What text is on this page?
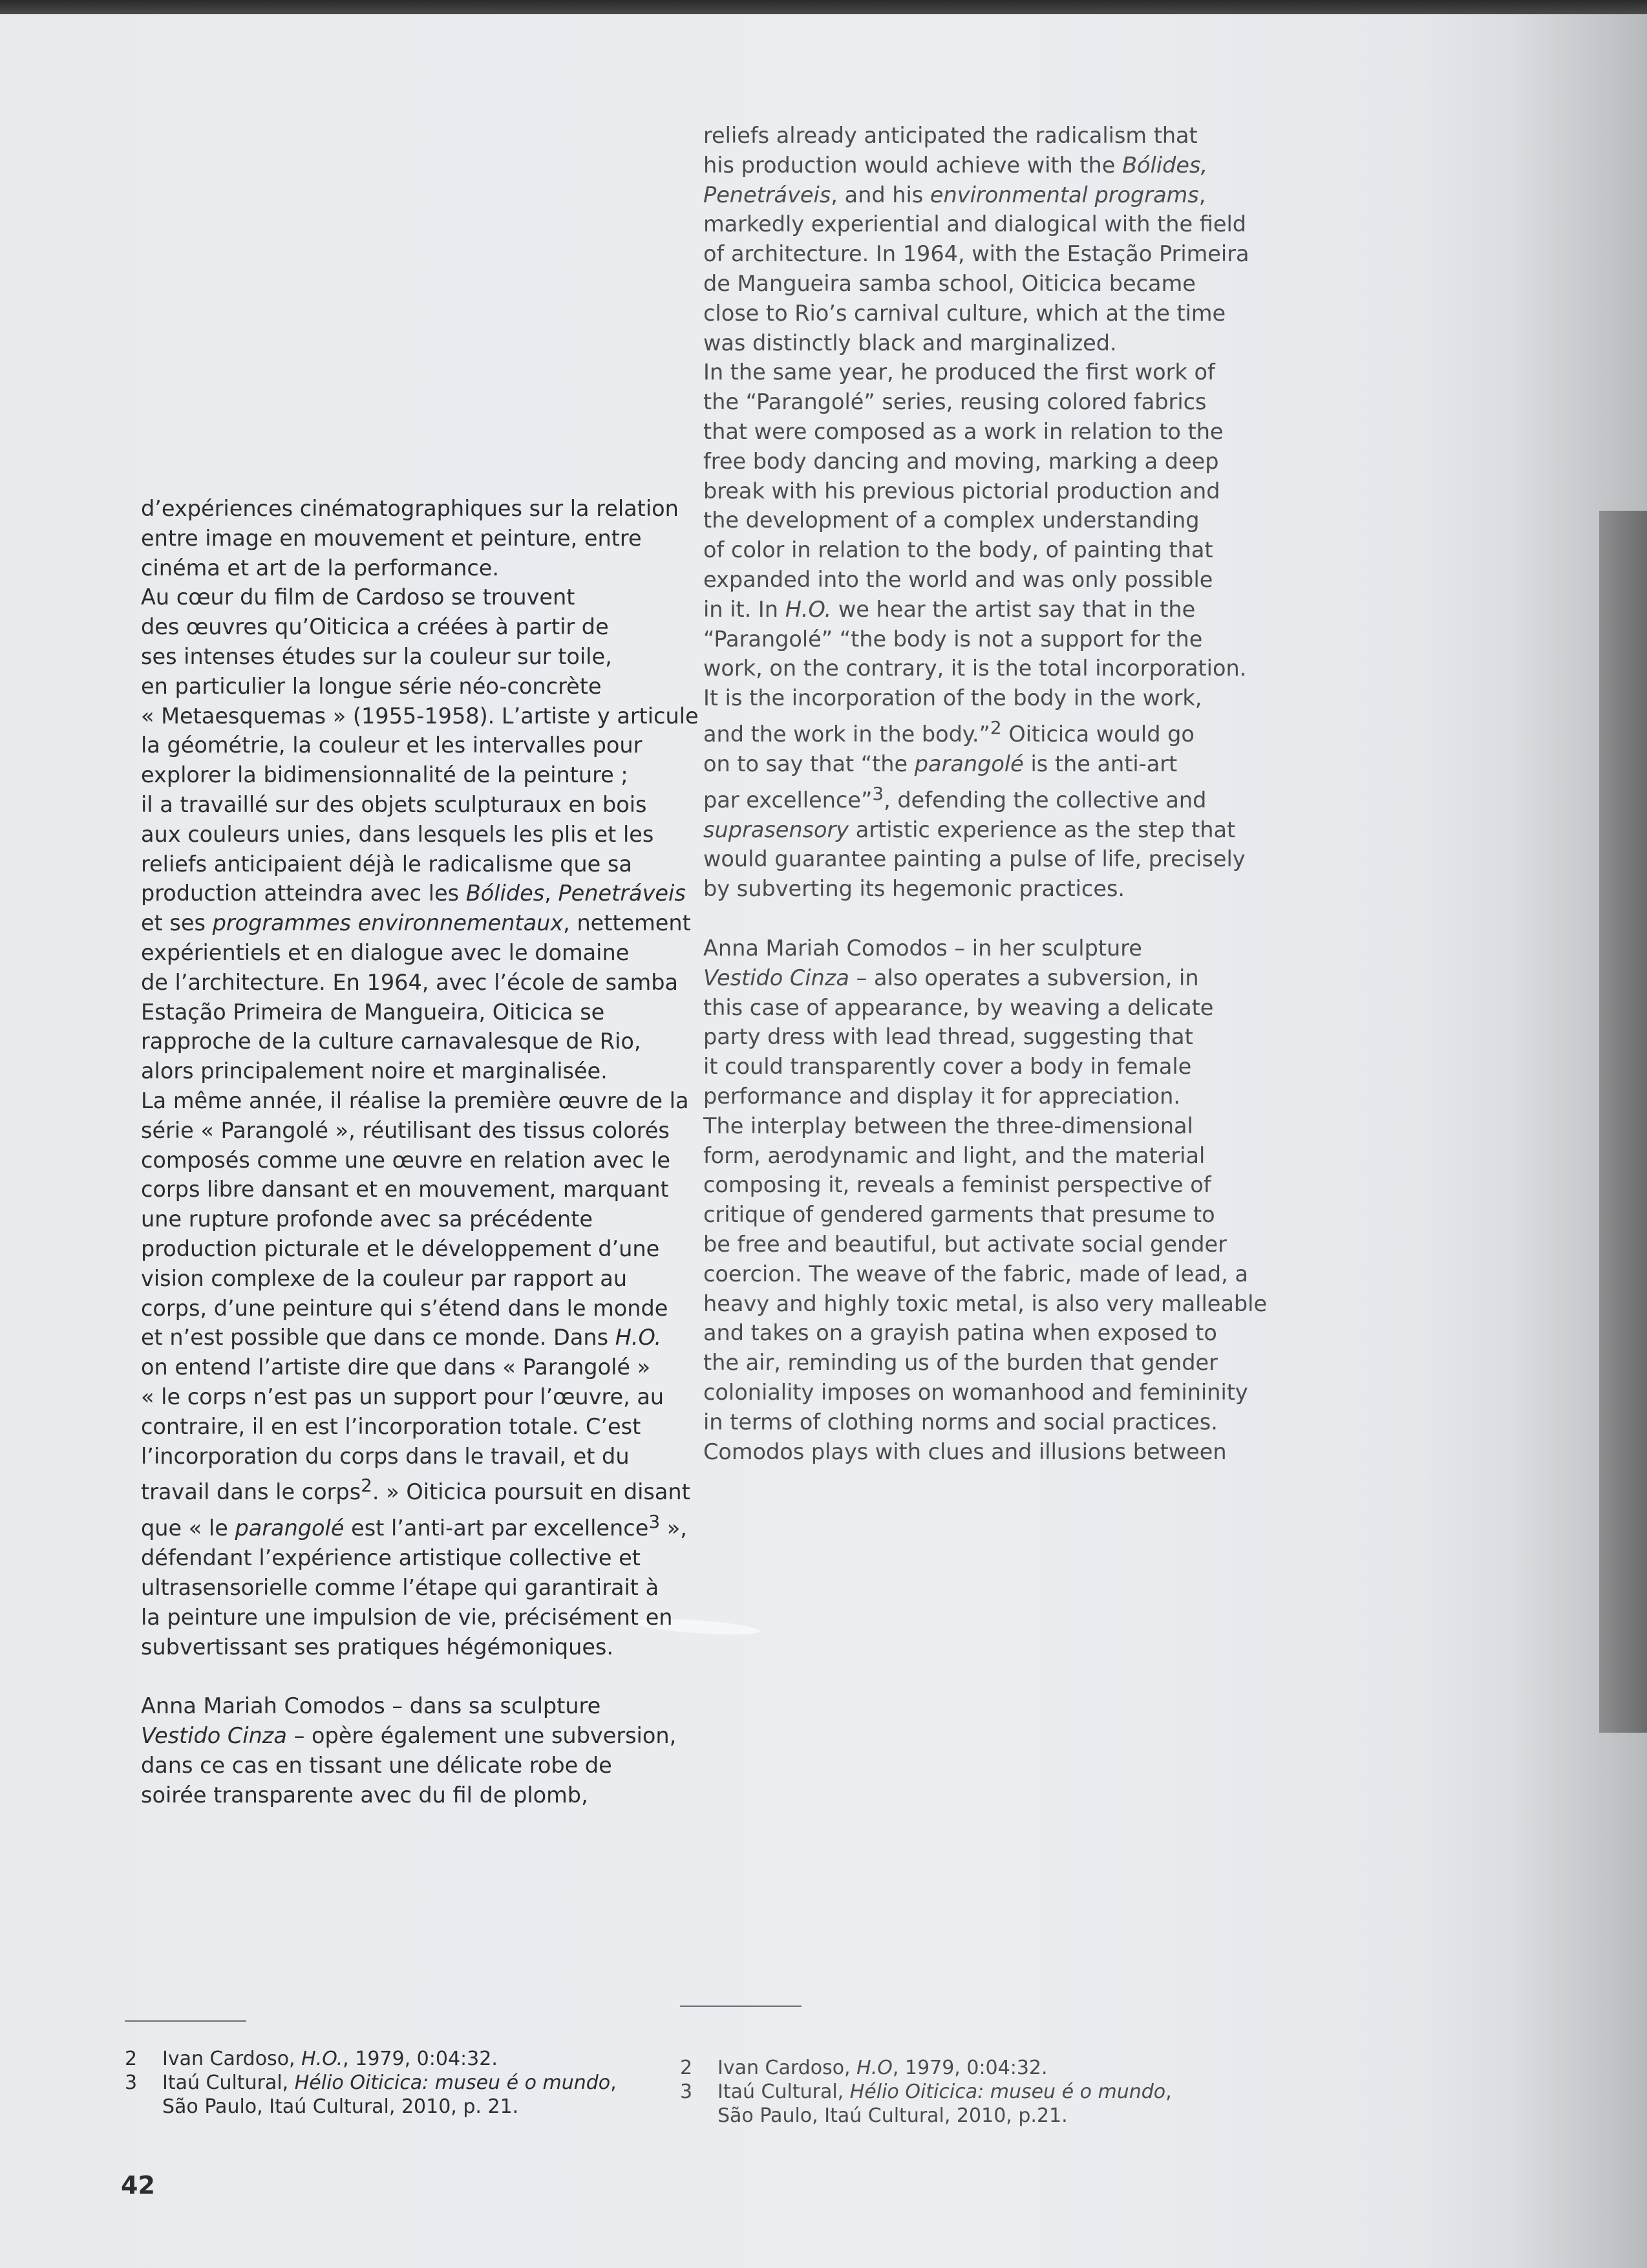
d’expériences cinématographiques sur la relation

entre image en mouvement et peinture, entre

cinéma et art de la performance.

Au cœur du film de Cardoso se trouvent

des œuvres qu’Oiticica a créées à partir de

ses intenses études sur la couleur sur toile,

en particulier la longue série néo-concrète

« Metaesquemas » (1955-1958). L’artiste y articule

la géométrie, la couleur et les intervalles pour

explorer la bidimensionnalité de la peinture ;

il a travaillé sur des objets sculpturaux en bois

aux couleurs unies, dans lesquels les plis et les

reliefs anticipaient déjà le radicalisme que sa

production atteindra avec les Bólides, Penetráveis

et ses programmes environnementaux, nettement

expérientiels et en dialogue avec le domaine

de l’architecture. En 1964, avec l’école de samba

Estação Primeira de Mangueira, Oiticica se

rapproche de la culture carnavalesque de Rio,

alors principalement noire et marginalisée.

La même année, il réalise la première œuvre de la

série « Parangolé », réutilisant des tissus colorés

composés comme une œuvre en relation avec le

corps libre dansant et en mouvement, marquant

une rupture profonde avec sa précédente

production picturale et le développement d’une

vision complexe de la couleur par rapport au

corps, d’une peinture qui s’étend dans le monde

et n’est possible que dans ce monde. Dans H.O.

on entend l’artiste dire que dans « Parangolé »

« le corps n’est pas un support pour l’œuvre, au

contraire, il en est l’incorporation totale. C’est

l’incorporation du corps dans le travail, et du

travail dans le corps$^2$. » Oiticica poursuit en disant

que « le parangolé est l’anti-art par excellence$^3$ »,

défendant l’expérience artistique collective et

ultrasensorielle comme l’étape qui garantirait à

la peinture une impulsion de vie, précisément en

subvertissant ses pratiques hégémoniques.

Anna Mariah Comodos – dans sa sculpture

Vestido Cinza – opère également une subversion,

dans ce cas en tissant une délicate robe de

soirée transparente avec du fil de plomb,

reliefs already anticipated the radicalism that

his production would achieve with the Bólides,

Penetráveis, and his environmental programs,

markedly experiential and dialogical with the field

of architecture. In 1964, with the Estação Primeira

de Mangueira samba school, Oiticica became

close to Rio’s carnival culture, which at the time

was distinctly black and marginalized.

In the same year, he produced the first work of

the “Parangolé” series, reusing colored fabrics

that were composed as a work in relation to the

free body dancing and moving, marking a deep

break with his previous pictorial production and

the development of a complex understanding

of color in relation to the body, of painting that

expanded into the world and was only possible

in it. In H.O. we hear the artist say that in the

“Parangolé” “the body is not a support for the

work, on the contrary, it is the total incorporation.

It is the incorporation of the body in the work,

and the work in the body.”$^2$ Oiticica would go

on to say that “the parangolé is the anti-art

par excellence”$^3$, defending the collective and

suprasensory artistic experience as the step that

would guarantee painting a pulse of life, precisely

by subverting its hegemonic practices.

Anna Mariah Comodos – in her sculpture

Vestido Cinza – also operates a subversion, in

this case of appearance, by weaving a delicate

party dress with lead thread, suggesting that

it could transparently cover a body in female

performance and display it for appreciation.

The interplay between the three-dimensional

form, aerodynamic and light, and the material

composing it, reveals a feminist perspective of

critique of gendered garments that presume to

be free and beautiful, but activate social gender

coercion. The weave of the fabric, made of lead, a

heavy and highly toxic metal, is also very malleable

and takes on a grayish patina when exposed to

the air, reminding us of the burden that gender

coloniality imposes on womanhood and femininity

in terms of clothing norms and social practices.

Comodos plays with clues and illusions between

2	Ivan Cardoso, H.O., 1979, 0:04:32.
3	Itaú Cultural, Hélio Oiticica: museu é o mundo,
São Paulo, Itaú Cultural, 2010, p. 21.
2	Ivan Cardoso, H.O, 1979, 0:04:32.
3	Itaú Cultural, Hélio Oiticica: museu é o mundo,
São Paulo, Itaú Cultural, 2010, p.21.
42
